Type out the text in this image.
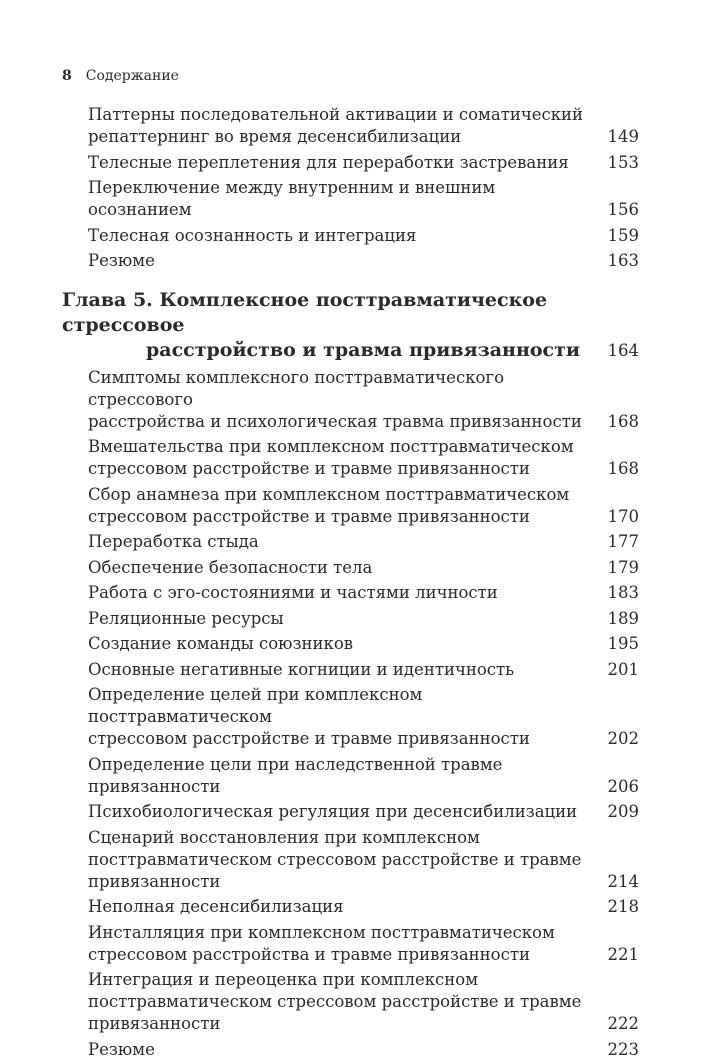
8 Содержание
Паттерны последовательной активации и соматический
репаттернинг во время десенсибилизации	149
Телесные переплетения для переработки застревания	153
Переключение между внутренним и внешним осознанием	156
Телесная осознанность и интеграция	159
Резюме	163
Глава 5. Комплексное посттравматическое стрессовое
расстройство и травма привязанности	164
Симптомы комплексного посттравматического стрессового
расстройства и психологическая травма привязанности	168
Вмешательства при комплексном посттравматическом
стрессовом расстройстве и травме привязанности	168
Сбор анамнеза при комплексном посттравматическом
стрессовом расстройстве и травме привязанности	170
Переработка стыда	177
Обеспечение безопасности тела	179
Работа с эго-состояниями и частями личности	183
Реляционные ресурсы	189
Создание команды союзников	195
Основные негативные когниции и идентичность	201
Определение целей при комплексном посттравматическом
стрессовом расстройстве и травме привязанности	202
Определение цели при наследственной травме привязанности	206
Психобиологическая регуляция при десенсибилизации	209
Сценарий восстановления при комплексном
посттравматическом стрессовом расстройстве и травме
привязанности	214
Неполная десенсибилизация	218
Инсталляция при комплексном посттравматическом
стрессовом расстройства и травме привязанности	221
Интеграция и переоценка при комплексном
посттравматическом стрессовом расстройстве и травме
привязанности	222
Резюме	223
